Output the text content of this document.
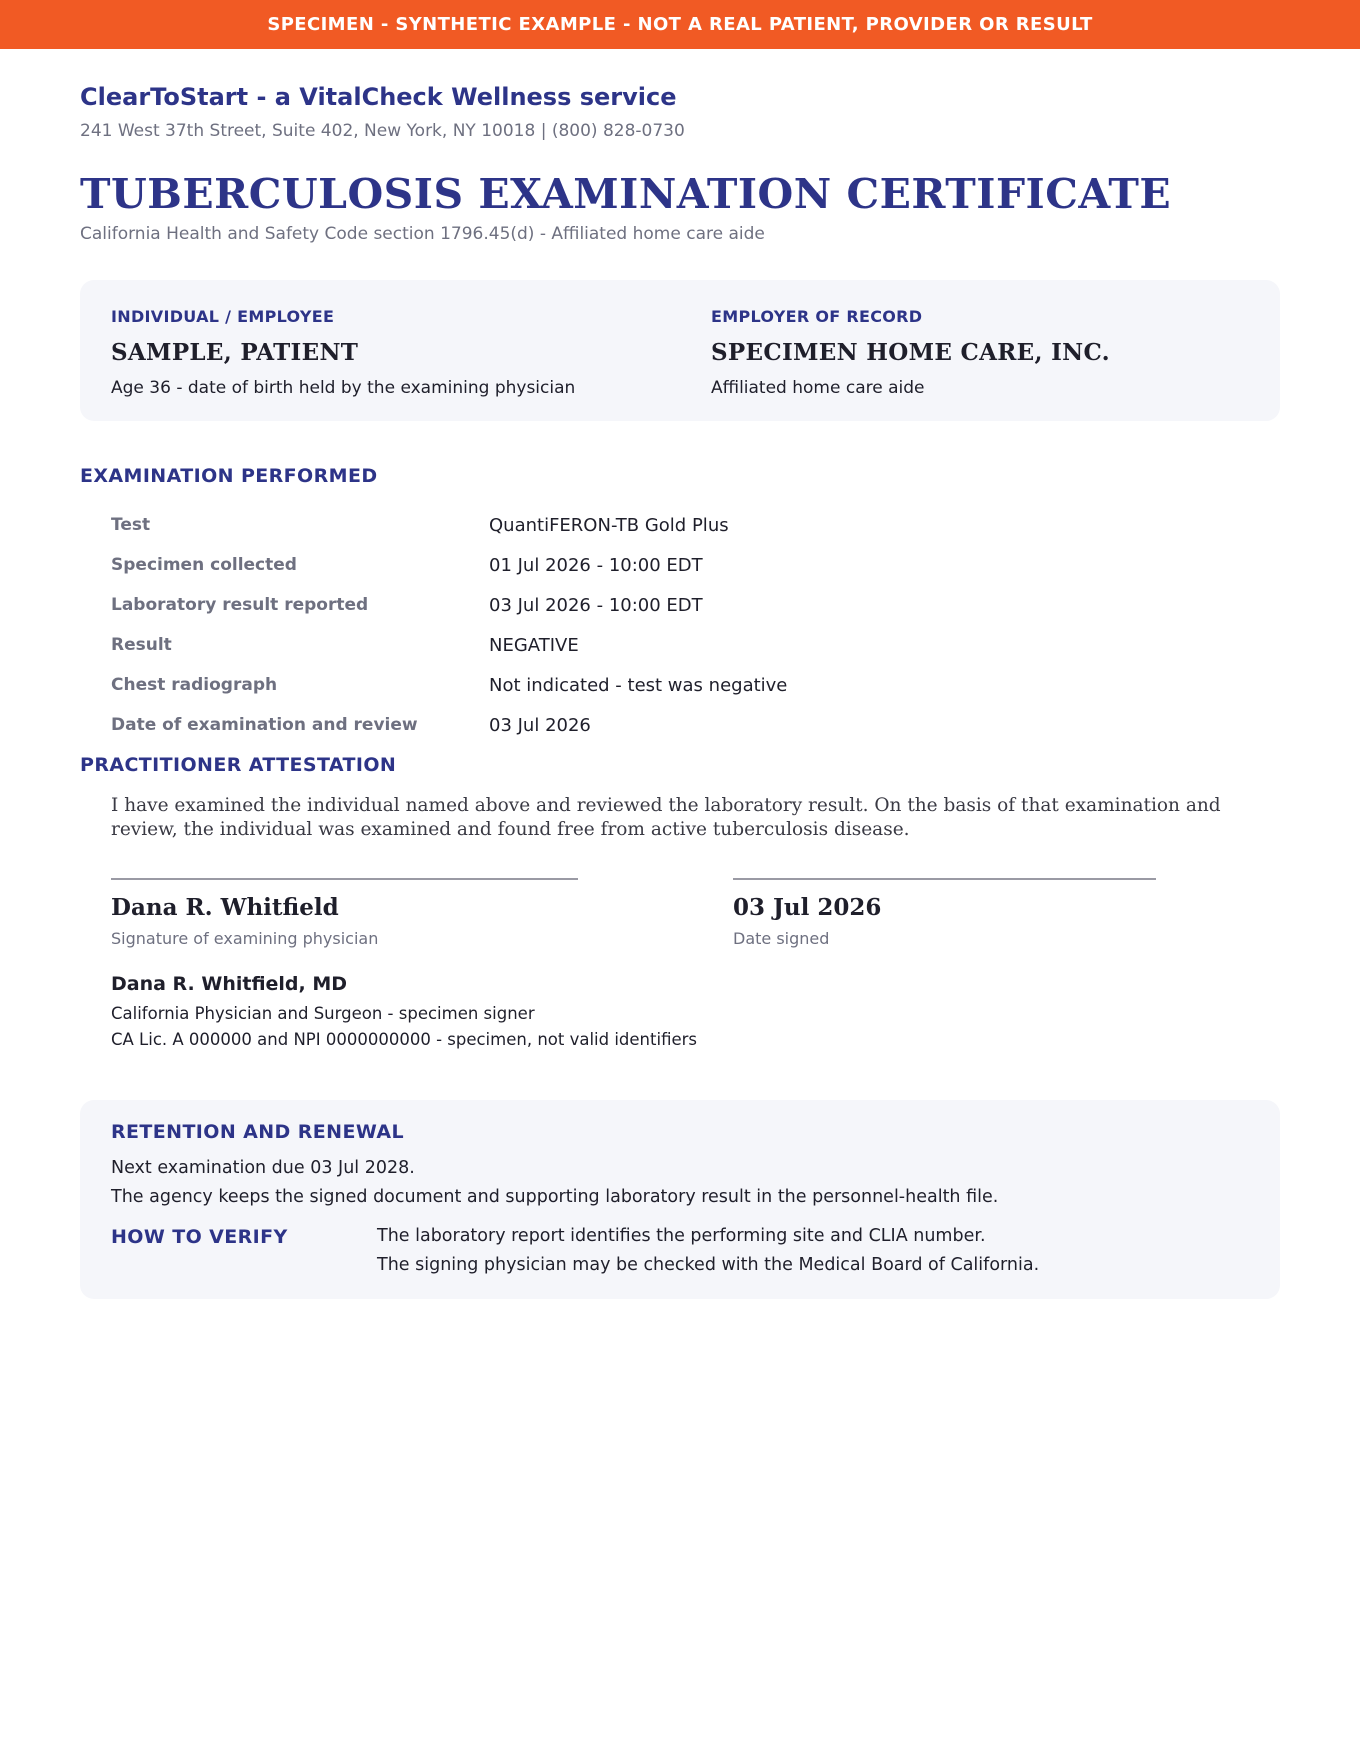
SPECIMEN - SYNTHETIC EXAMPLE - NOT A REAL PATIENT, PROVIDER OR RESULT
ClearToStart - a VitalCheck Wellness service
241 West 37th Street, Suite 402, New York, NY 10018 | (800) 828-0730
TUBERCULOSIS EXAMINATION CERTIFICATE
California Health and Safety Code section 1796.45(d) - Affiliated home care aide
INDIVIDUAL / EMPLOYEE
SAMPLE, PATIENT
Age 36 - date of birth held by the examining physician
EMPLOYER OF RECORD
SPECIMEN HOME CARE, INC.
Affiliated home care aide
EXAMINATION PERFORMED
Test	QuantiFERON-TB Gold Plus
Specimen collected	01 Jul 2026 - 10:00 EDT
Laboratory result reported	03 Jul 2026 - 10:00 EDT
Result	NEGATIVE
Chest radiograph	Not indicated - test was negative
Date of examination and review	03 Jul 2026
PRACTITIONER ATTESTATION

I have examined the individual named above and reviewed the laboratory result. On the basis of that examination and review, the individual was examined and found free from active tuberculosis disease.

Dana R. Whitfield
Signature of examining physician
03 Jul 2026
Date signed
Dana R. Whitfield, MD
California Physician and Surgeon - specimen signer
CA Lic. A 000000 and NPI 0000000000 - specimen, not valid identifiers
RETENTION AND RENEWAL
Next examination due 03 Jul 2028.
The agency keeps the signed document and supporting laboratory result in the personnel-health file.
HOW TO VERIFY	The laboratory report identifies the performing site and CLIA number.
The signing physician may be checked with the Medical Board of California.
